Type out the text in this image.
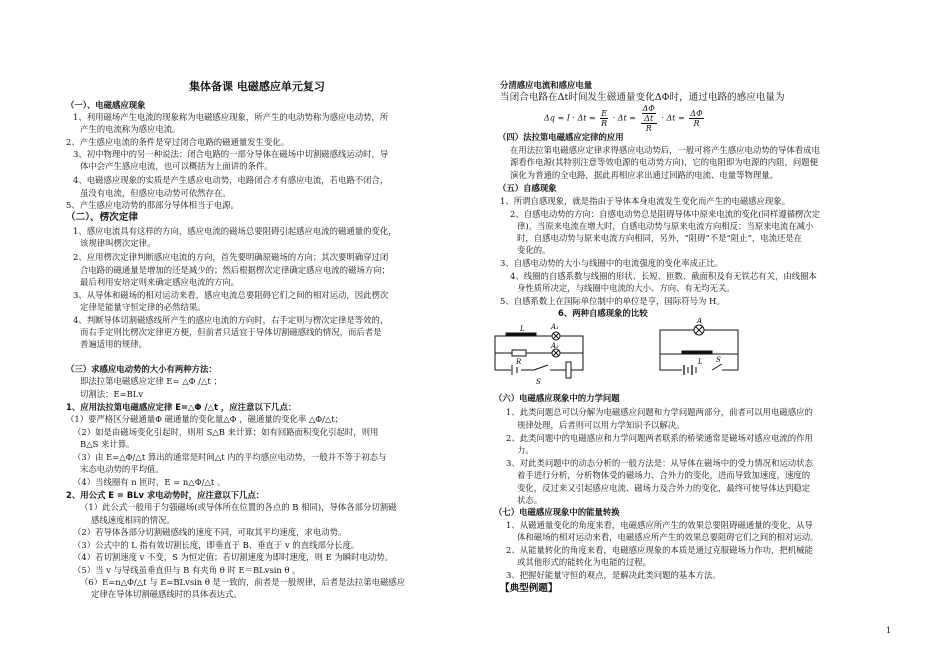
集体备课 电磁感应单元复习
（一）、电磁感应现象
1、利用磁场产生电流的现象称为电磁感应现象，所产生的电动势称为感应电动势，所
产生的电流称为感应电流。
2、产生感应电流的条件是穿过闭合电路的磁通量发生变化。
3、初中物理中的另一种说法：闭合电路的一部分导体在磁场中切割磁感线运动时，导
体中会产生感应电流，也可以概括为上面讲的条件。
4、电磁感应现象的实质是产生感应电动势，电路闭合才有感应电流，若电路不闭合，
虽没有电流，但感应电动势可依然存在。
5、产生感应电动势的那部分导体相当于电源。
（二）、楞次定律
1、感应电流具有这样的方向，感应电流的磁场总要阻碍引起感应电流的磁通量的变化，
该规律叫楞次定律。
2、应用楞次定律判断感应电流的方向，首先要明确原磁场的方向；其次要明确穿过闭
合电路的磁通量是增加的还是减少的；然后根据楞次定律确定感应电流的磁场方向；
最后利用安培定则来确定感应电流的方向。
3、从导体和磁场的相对运动来看，感应电流总要阻碍它们之间的相对运动，因此楞次
定律是能量守恒定律的必然结果。
4、判断导体切割磁感线所产生的感应电流的方向时，右手定则与楞次定律是等效的，
而右手定则比楞次定律更方便，但前者只适宜于导体切割磁感线的情况，而后者是
普遍适用的规律。
（三）求感应电动势的大小有两种方法：
即法拉第电磁感应定律 E= △Φ /△t ；
切割法：E=BLv
1、应用法拉第电磁感应定律 E=△Φ /△t ，应注意以下几点：
（1）要严格区分磁通量Φ 磁通量的变化量△Φ ，磁通量的变化率 △Φ/△t；
（2）如是由磁场变化引起时，则用 S△B 来计算；如有回路面积变化引起时，则用
B△S 来计算。
（3）由 E=△Φ/△t 算出的通常是时间△t 内的平均感应电动势，一般并不等于初态与
末态电动势的平均值。
（4）当线圈有 n 匝时，E = n△Φ/△t 。
2、用公式 E = BLv 求电动势时，应注意以下几点：
（1）此公式一般用于匀强磁场(或导体所在位置的各点的 B 相同)，导体各部分切割磁
感线速度相同的情况。
（2）若导体各部分切割磁感线的速度不同，可取其平均速度，求电动势。
（3）公式中的 L 指有效切割长度，即垂直于 B、垂直于 v 的直线部分长度。
（4）若切割速度 v 不变，S 为恒定值；若切割速度为即时速度，则 E 为瞬时电动势。
（5）当 v 与导线虽垂直但与 B 有夹角 θ 时 E＝BLvsin θ 。
（6）E=n△Φ/△t 与 E=BLvsin θ 是一致的，前者是一般规律，后者是法拉第电磁感应
定律在导体切割磁感线时的具体表达式。
分清感应电流和感应电量
当闭合电路在Δt时间发生磁通量变化ΔΦ时，通过电路的感应电量为
（四）法拉第电磁感应定律的应用
在用法拉第电磁感应定律求得感应电动势后，一般可将产生感应电动势的导体看成电
源看作电源(其特别注意等效电源的电动势方向)，它的电阻即为电源的内阻，问题便
演化为普通的全电路，据此再相应求出通过回路的电流、电量等物理量。
（五）自感现象
1、所谓自感现象，就是指由于导体本身电流发生变化而产生的电磁感应现象。
2、自感电动势的方向：自感电动势总是阻碍导体中原来电流的变化(同样遵循楞次定
律)。当原来电流在增大时，自感电动势与原来电流方向相反；当原来电流在减小
时，自感电动势与原来电流方向相同，另外，“阻碍”不是“阻止”，电流还是在
变化的。
3、自感电动势的大小与线圈中的电流强度的变化率成正比。
4、线圈的自感系数与线圈的形状、长短、匝数、截面积及有无铁芯有关，由线圈本
身性质所决定，与线圈中电流的大小、方向、有无均无关。
5、自感系数上在国际单位制中的单位是亨，国际符号为 H。
6、两种自感现象的比较
（六）电磁感应现象中的力学问题
1、此类问题总可以分解为电磁感应问题和力学问题两部分，前者可以用电磁感应的
规律处理，后者则可以用力学知识予以解决。
2、此类问题中的电磁感应和力学问题两者联系的桥梁通常是磁场对感应电流的作用
力。
3、对此类问题中的动态分析的一般方法是：从导体在磁场中的受力情况和运动状态
着手进行分析，分析物体受的磁场力、合外力的变化，进而导致加速度，速度的
变化，反过来又引起感应电流、磁场力及合外力的变化，最终可使导体达到稳定
状态。
（七）电磁感应现象中的能量转换
1、从磁通量变化的角度来看，电磁感应所产生的效果总要阻碍磁通量的变化，从导
体和磁场的相对运动来看，电磁感应所产生的效果总要阻碍它们之间的相对运动。
2、从能量转化的角度来看，电磁感应现象的本质是通过克服磁场力作功，把机械能
或其他形式的能转化为电能的过程。
3、把握好能量守恒的观点，是解决此类问题的基本方法。
【典型例题】
$\Delta q = I \cdot \Delta t = \frac{E}{R} \cdot \Delta t = \Delta\Phi$
Δt
$R \cdot \Delta t = \frac{\Delta\Phi}{R}$
L	A₁
A₂
R
S
A
L S
1
